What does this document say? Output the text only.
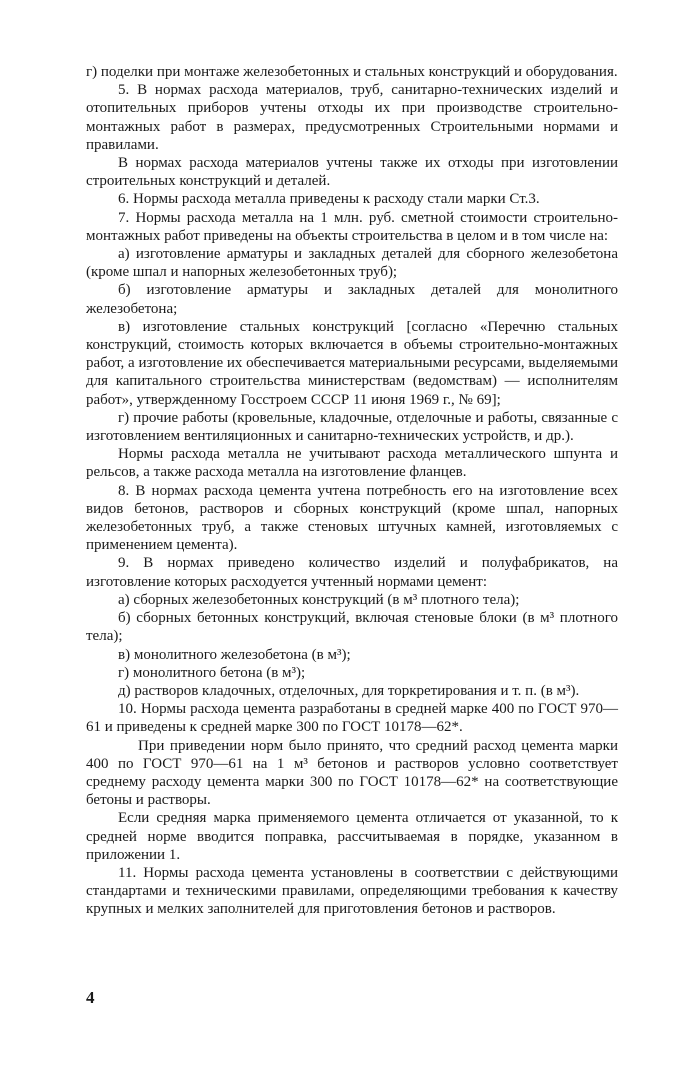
г) поделки при монтаже железобетонных и стальных конструкций и оборудования.

5. В нормах расхода материалов, труб, санитарно-технических изделий и отопительных приборов учтены отходы их при производстве строительно-монтажных работ в размерах, предусмотренных Строительными нормами и правилами.

В нормах расхода материалов учтены также их отходы при изготовлении строительных конструкций и деталей.

6. Нормы расхода металла приведены к расходу стали марки Ст.3.

7. Нормы расхода металла на 1 млн. руб. сметной стоимости строительно-монтажных работ приведены на объекты строительства в целом и в том числе на:

а) изготовление арматуры и закладных деталей для сборного железобетона (кроме шпал и напорных железобетонных труб);

б) изготовление арматуры и закладных деталей для монолитного железобетона;

в) изготовление стальных конструкций [согласно «Перечню стальных конструкций, стоимость которых включается в объемы строительно-монтажных работ, а изготовление их обеспечивается материальными ресурсами, выделяемыми для капитального строительства министерствам (ведомствам) — исполнителям работ», утвержденному Госстроем СССР 11 июня 1969 г., № 69];

г) прочие работы (кровельные, кладочные, отделочные и работы, связанные с изготовлением вентиляционных и санитарно-технических устройств, и др.).

Нормы расхода металла не учитывают расхода металлического шпунта и рельсов, а также расхода металла на изготовление фланцев.

8. В нормах расхода цемента учтена потребность его на изготовление всех видов бетонов, растворов и сборных конструкций (кроме шпал, напорных железобетонных труб, а также стеновых штучных камней, изготовляемых с применением цемента).

9. В нормах приведено количество изделий и полуфабрикатов, на изготовление которых расходуется учтенный нормами цемент:

а) сборных железобетонных конструкций (в м³ плотного тела);

б) сборных бетонных конструкций, включая стеновые блоки (в м³ плотного тела);

в) монолитного железобетона (в м³);

г) монолитного бетона (в м³);

д) растворов кладочных, отделочных, для торкретирования и т. п. (в м³).

10. Нормы расхода цемента разработаны в средней марке 400 по ГОСТ 970—61 и приведены к средней марке 300 по ГОСТ 10178—62*.

При приведении норм было принято, что средний расход цемента марки 400 по ГОСТ 970—61 на 1 м³ бетонов и растворов условно соответствует среднему расходу цемента марки 300 по ГОСТ 10178—62* на соответствующие бетоны и растворы.

Если средняя марка применяемого цемента отличается от указанной, то к средней норме вводится поправка, рассчитываемая в порядке, указанном в приложении 1.

11. Нормы расхода цемента установлены в соответствии с действующими стандартами и техническими правилами, определяющими требования к качеству крупных и мелких заполнителей для приготовления бетонов и растворов.

4
